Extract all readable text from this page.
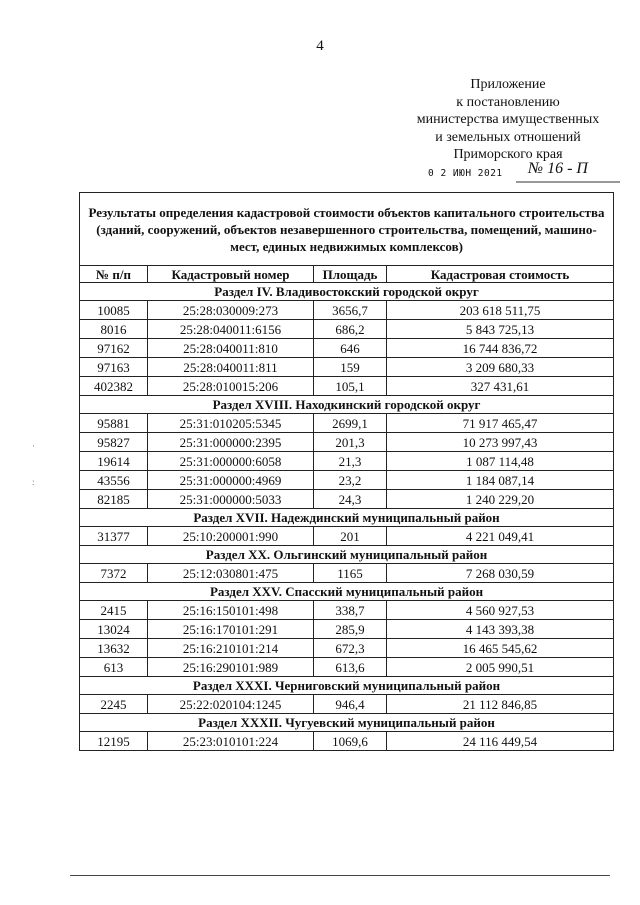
4
Приложение
к постановлению
министерства имущественных
и земельных отношений
Приморского края
0 2 ИЮН 2021 № 16 - П
·
:
Результаты определения кадастровой стоимости объектов капитального строительства (зданий, сооружений, объектов незавершенного строительства, помещений, машино-мест, единых недвижимых комплексов)			
№ п/п	Кадастровый номер	Площадь	Кадастровая стоимость
Раздел IV. Владивостокский городской округ			
10085	25:28:030009:273	3656,7	203 618 511,75
8016	25:28:040011:6156	686,2	5 843 725,13
97162	25:28:040011:810	646	16 744 836,72
97163	25:28:040011:811	159	3 209 680,33
402382	25:28:010015:206	105,1	327 431,61
Раздел XVIII. Находкинский городской округ			
95881	25:31:010205:5345	2699,1	71 917 465,47
95827	25:31:000000:2395	201,3	10 273 997,43
19614	25:31:000000:6058	21,3	1 087 114,48
43556	25:31:000000:4969	23,2	1 184 087,14
82185	25:31:000000:5033	24,3	1 240 229,20
Раздел XVII. Надеждинский муниципальный район			
31377	25:10:200001:990	201	4 221 049,41
Раздел XX. Ольгинский муниципальный район			
7372	25:12:030801:475	1165	7 268 030,59
Раздел XXV. Спасский муниципальный район			
2415	25:16:150101:498	338,7	4 560 927,53
13024	25:16:170101:291	285,9	4 143 393,38
13632	25:16:210101:214	672,3	16 465 545,62
613	25:16:290101:989	613,6	2 005 990,51
Раздел XXXI. Черниговский муниципальный район			
2245	25:22:020104:1245	946,4	21 112 846,85
Раздел XXXII. Чугуевский муниципальный район			
12195	25:23:010101:224	1069,6	24 116 449,54
